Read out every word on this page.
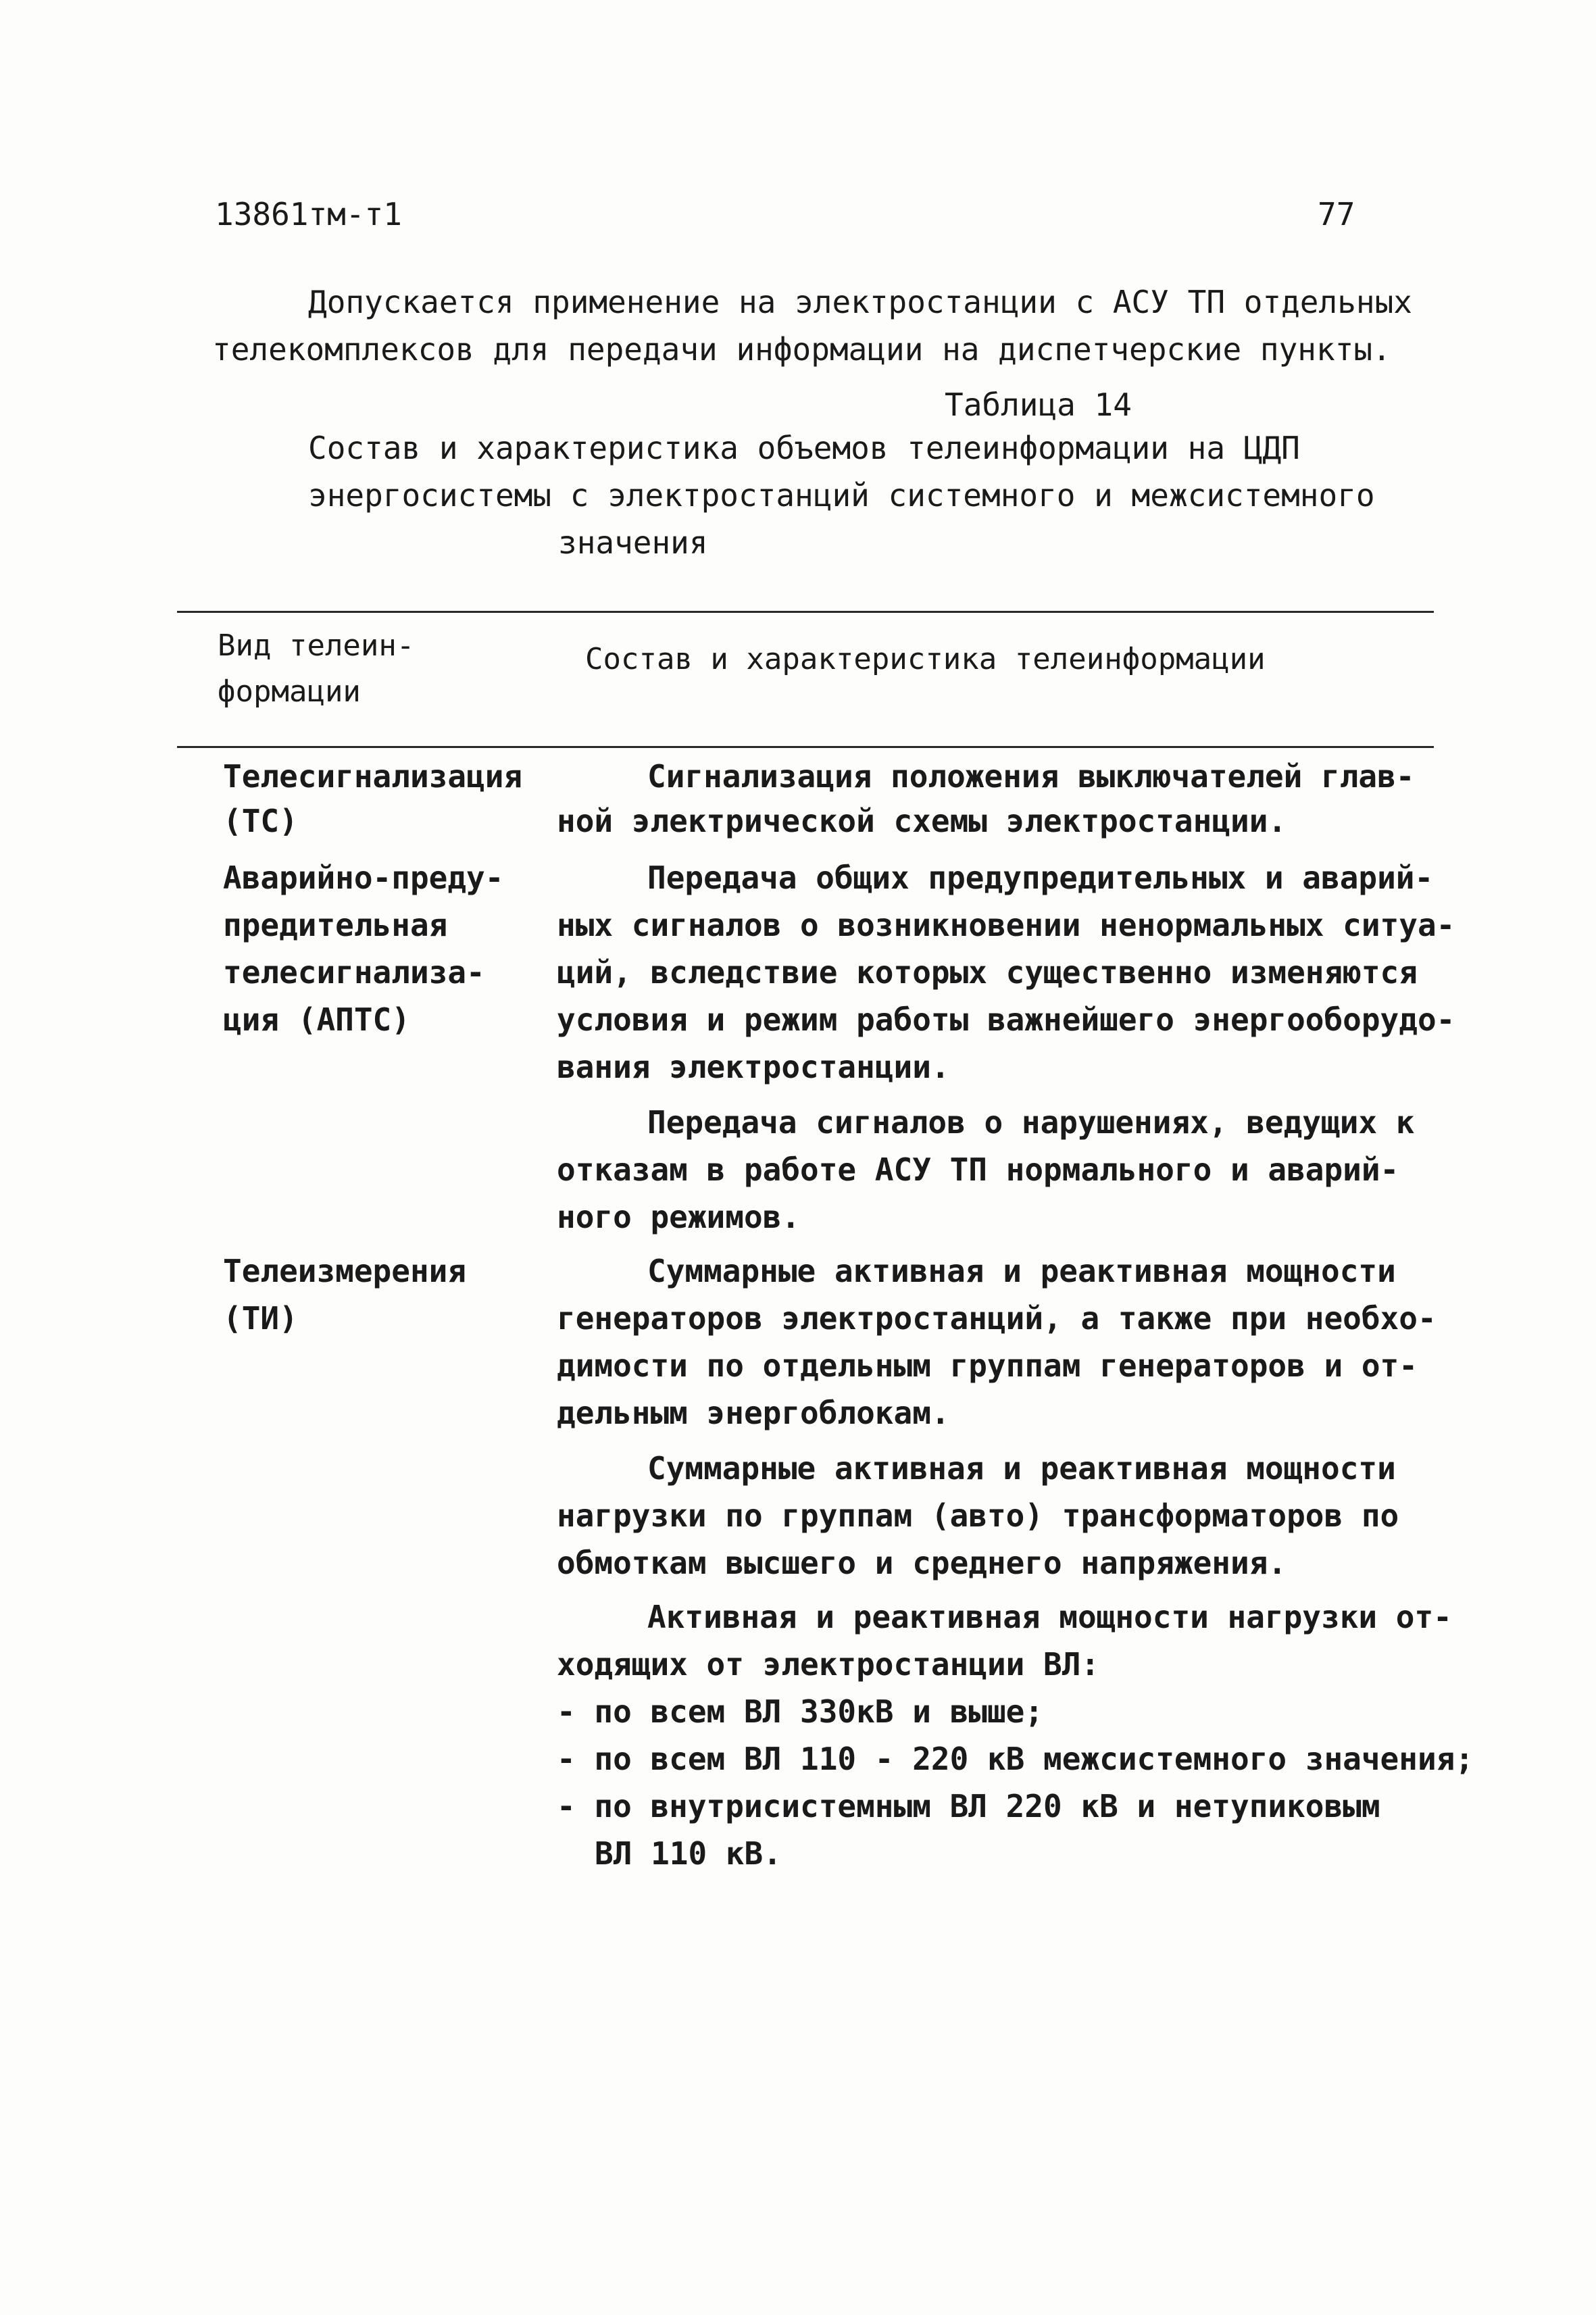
13861тм-т1	77
Допускается применение на электростанции с АСУ ТП отдельных
телекомплексов для передачи информации на диспетчерские пункты.
Таблица 14
Состав и характеристика объемов телеинформации на ЦДП
энергосистемы с электростанций системного и межсистемного
значения
Вид телеин-
формации
Состав и характеристика телеинформации
Телесигнализация
(ТС)
Сигнализация положения выключателей глав-
ной электрической схемы электростанции.
Аварийно-преду-
предительная
телесигнализа-
ция (АПТС)
Передача общих предупредительных и аварий-
ных сигналов о возникновении ненормальных ситуа-
ций, вследствие которых существенно изменяются
условия и режим работы важнейшего энергооборудо-
вания электростанции.
Передача сигналов о нарушениях, ведущих к
отказам в работе АСУ ТП нормального и аварий-
ного режимов.
Телеизмерения
(ТИ)
Суммарные активная и реактивная мощности
генераторов электростанций, а также при необхо-
димости по отдельным группам генераторов и от-
дельным энергоблокам.
Суммарные активная и реактивная мощности
нагрузки по группам (авто) трансформаторов по
обмоткам высшего и среднего напряжения.
Активная и реактивная мощности нагрузки от-
ходящих от электростанции ВЛ:
- по всем ВЛ 330кВ и выше;
- по всем ВЛ 110 - 220 кВ межсистемного значения;
- по внутрисистемным ВЛ 220 кВ и нетупиковым
ВЛ 110 кВ.
